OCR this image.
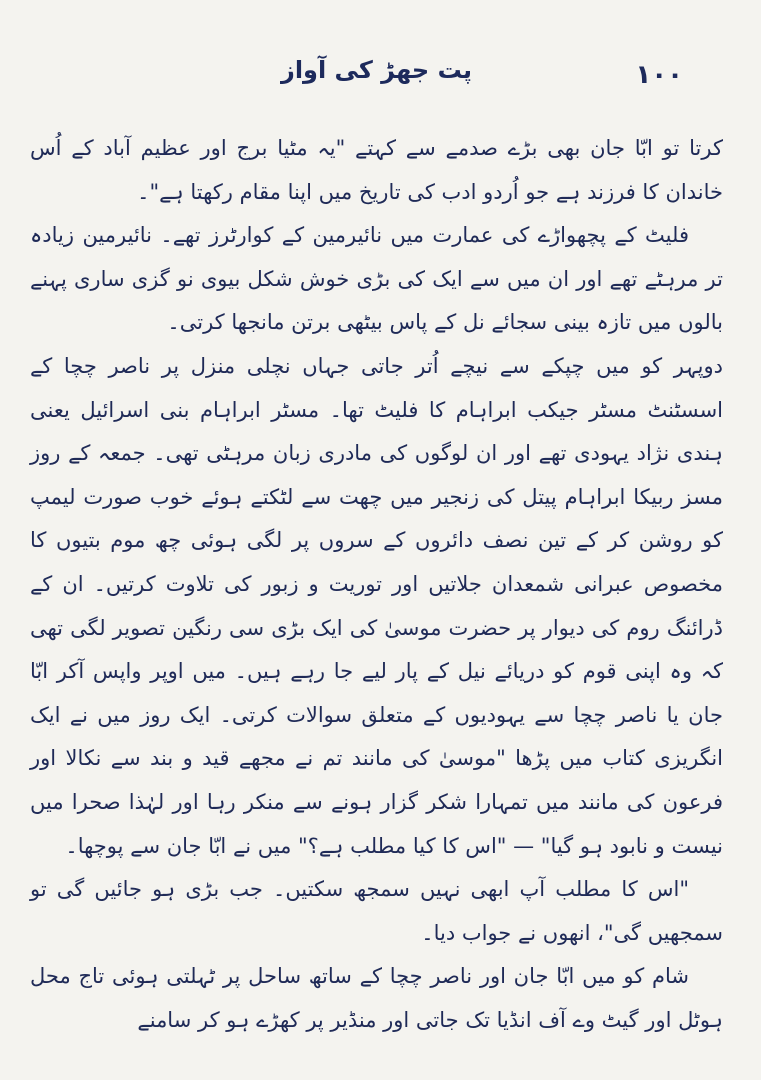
١٠٠
پت جھڑ کی آواز

کرتا تو ابّا جان بھی بڑے صدمے سے کہتے "یہ مٹیا برج اور عظیم آباد کے اُس خاندان کا فرزند ہے جو اُردو ادب کی تاریخ میں اپنا مقام رکھتا ہے"۔

فلیٹ کے پچھواڑے کی عمارت میں نائیرمین کے کوارٹرز تھے۔ نائیرمین زیادہ تر مرہٹے تھے اور ان میں سے ایک کی بڑی خوش شکل بیوی نو گزی ساری پہنے بالوں میں تازہ بینی سجائے نل کے پاس بیٹھی برتن مانجھا کرتی۔

دوپہر کو میں چپکے سے نیچے اُتر جاتی جہاں نچلی منزل پر ناصر چچا کے اسسٹنٹ مسٹر جیکب ابراہام کا فلیٹ تھا۔ مسٹر ابراہام بنی اسرائیل یعنی ہندی نژاد یہودی تھے اور ان لوگوں کی مادری زبان مرہٹی تھی۔ جمعہ کے روز مسز ربیکا ابراہام پیتل کی زنجیر میں چھت سے لٹکتے ہوئے خوب صورت لیمپ کو روشن کر کے تین نصف دائروں کے سروں پر لگی ہوئی چھ موم بتیوں کا مخصوص عبرانی شمعدان جلاتیں اور توریت و زبور کی تلاوت کرتیں۔ ان کے ڈرائنگ روم کی دیوار پر حضرت موسیٰ کی ایک بڑی سی رنگین تصویر لگی تھی کہ وہ اپنی قوم کو دریائے نیل کے پار لیے جا رہے ہیں۔ میں اوپر واپس آکر ابّا جان یا ناصر چچا سے یہودیوں کے متعلق سوالات کرتی۔ ایک روز میں نے ایک انگریزی کتاب میں پڑھا "موسیٰ کی مانند تم نے مجھے قید و بند سے نکالا اور فرعون کی مانند میں تمہارا شکر گزار ہونے سے منکر رہا اور لہٰذا صحرا میں نیست و نابود ہو گیا" — "اس کا کیا مطلب ہے؟" میں نے ابّا جان سے پوچھا۔

"اس کا مطلب آپ ابھی نہیں سمجھ سکتیں۔ جب بڑی ہو جائیں گی تو سمجھیں گی"، انھوں نے جواب دیا۔

شام کو میں ابّا جان اور ناصر چچا کے ساتھ ساحل پر ٹہلتی ہوئی تاج محل ہوٹل اور گیٹ وے آف انڈیا تک جاتی اور منڈیر پر کھڑے ہو کر سامنے
